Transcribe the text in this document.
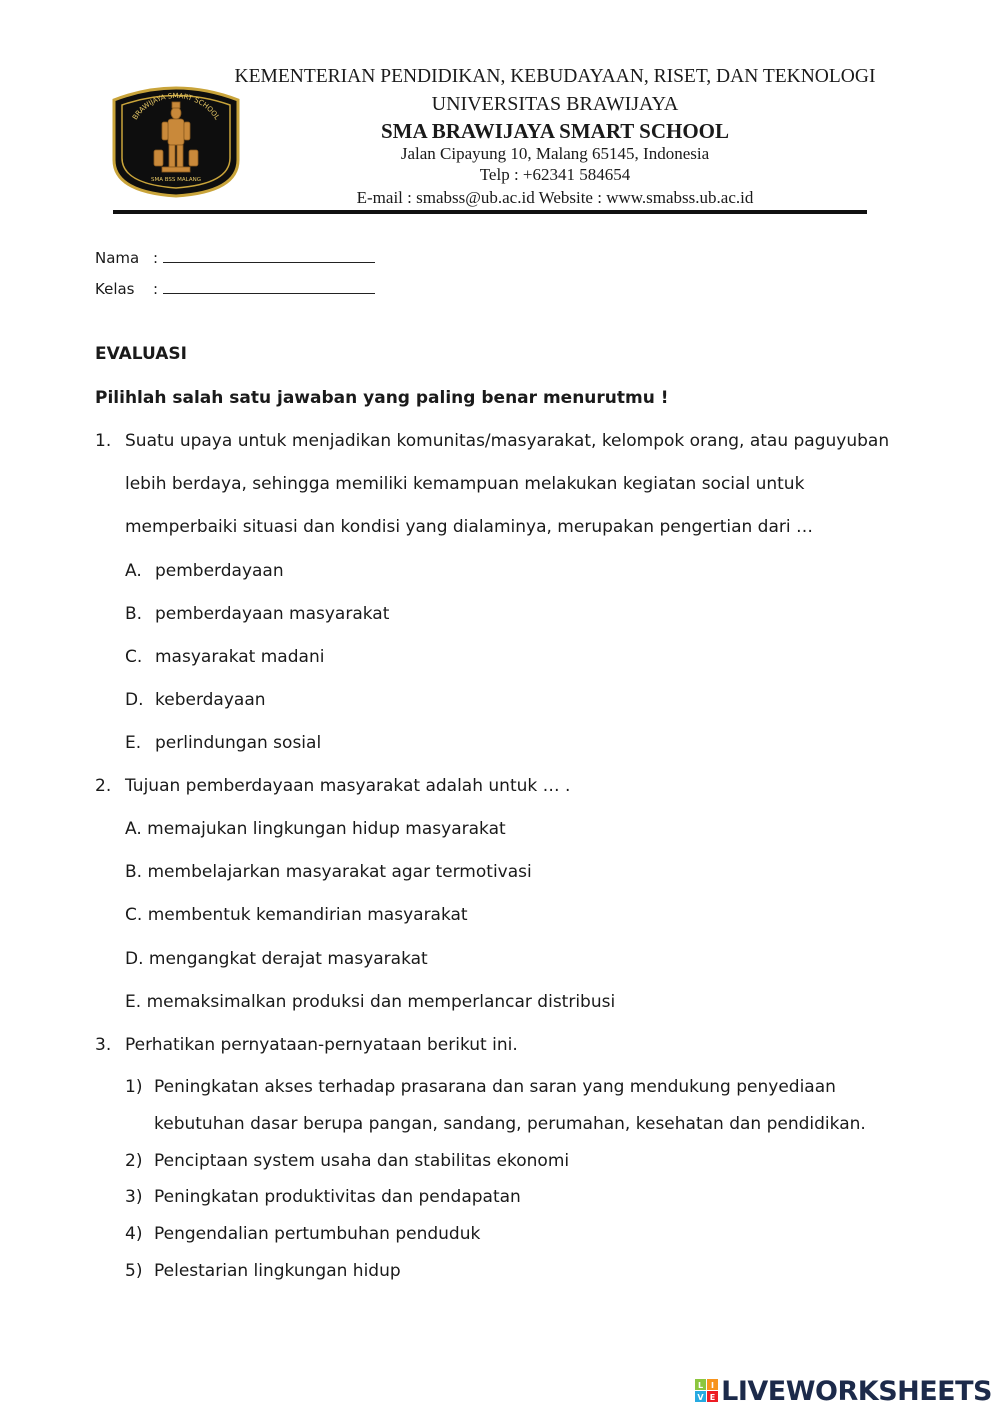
BRAWIJAYA SMART SCHOOL
SMA BSS MALANG
KEMENTERIAN PENDIDIKAN, KEBUDAYAAN, RISET, DAN TEKNOLOGI
UNIVERSITAS BRAWIJAYA
SMA BRAWIJAYA SMART SCHOOL
Jalan Cipayung 10, Malang 65145, Indonesia
Telp : +62341 584654
E-mail : smabss@ub.ac.id Website : www.smabss.ub.ac.id
Nama :
Kelas :
EVALUASI
Pilihlah salah satu jawaban yang paling benar menurutmu !
1. Suatu upaya untuk menjadikan komunitas/masyarakat, kelompok orang, atau paguyuban
lebih berdaya, sehingga memiliki kemampuan melakukan kegiatan social untuk
memperbaiki situasi dan kondisi yang dialaminya, merupakan pengertian dari …
A. pemberdayaan
B. pemberdayaan masyarakat
C. masyarakat madani
D. keberdayaan
E. perlindungan sosial
2. Tujuan pemberdayaan masyarakat adalah untuk … .
A. memajukan lingkungan hidup masyarakat
B. membelajarkan masyarakat agar termotivasi
C. membentuk kemandirian masyarakat
D. mengangkat derajat masyarakat
E. memaksimalkan produksi dan memperlancar distribusi
3. Perhatikan pernyataan-pernyataan berikut ini.
1) Peningkatan akses terhadap prasarana dan saran yang mendukung penyediaan
kebutuhan dasar berupa pangan, sandang, perumahan, kesehatan dan pendidikan.
2) Penciptaan system usaha dan stabilitas ekonomi
3) Peningkatan produktivitas dan pendapatan
4) Pengendalian pertumbuhan penduduk
5) Pelestarian lingkungan hidup
L I
V E LIVEWORKSHEETS
